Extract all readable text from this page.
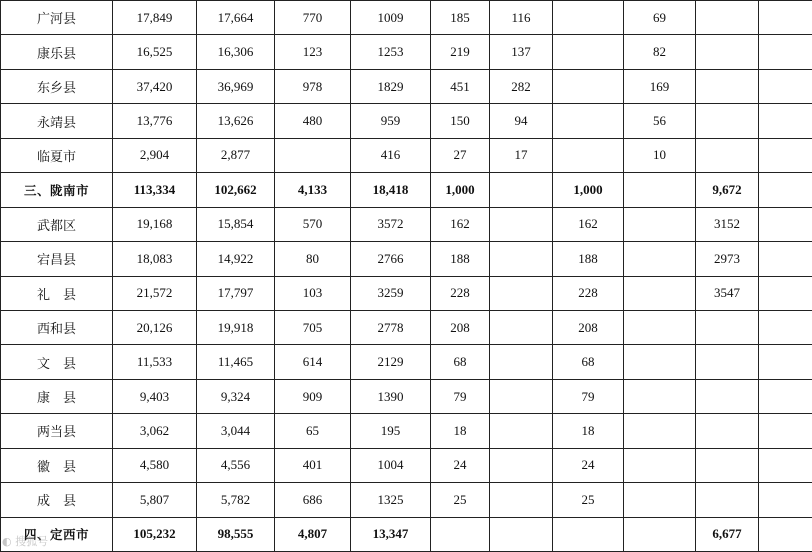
广河县	17,849	17,664	770	1009	185	116		69		
康乐县	16,525	16,306	123	1253	219	137		82		
东乡县	37,420	36,969	978	1829	451	282		169		
永靖县	13,776	13,626	480	959	150	94		56		
临夏市	2,904	2,877		416	27	17		10		
三、陇南市	113,334	102,662	4,133	18,418	1,000		1,000		9,672	
武都区	19,168	15,854	570	3572	162		162		3152	
宕昌县	18,083	14,922	80	2766	188		188		2973	
礼　县	21,572	17,797	103	3259	228		228		3547	
西和县	20,126	19,918	705	2778	208		208			
文　县	11,533	11,465	614	2129	68		68			
康　县	9,403	9,324	909	1390	79		79			
两当县	3,062	3,044	65	195	18		18			
徽　县	4,580	4,556	401	1004	24		24			
成　县	5,807	5,782	686	1325	25		25			
四、定西市	105,232	98,555	4,807	13,347					6,677	
◐ 搜狐号
